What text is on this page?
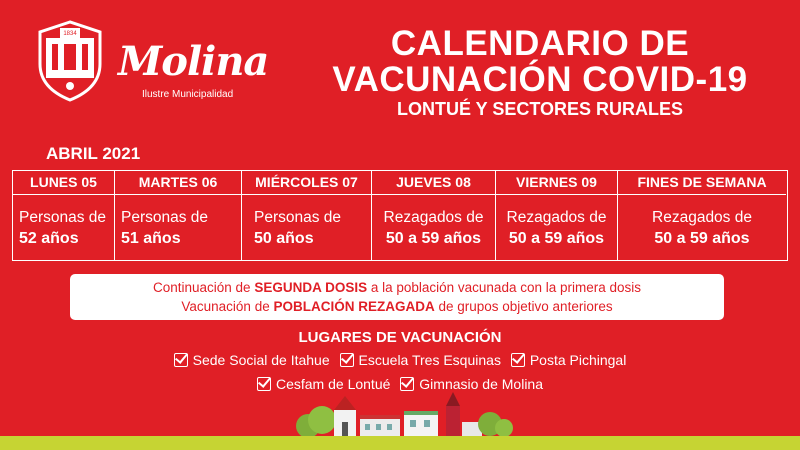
1834
Molina
Ilustre Municipalidad
CALENDARIO DE
VACUNACIÓN COVID-19
LONTUÉ Y SECTORES RURALES
ABRIL 2021
LUNES 05
Personas de
52 años
MARTES 06
Personas de
51 años
MIÉRCOLES 07
Personas de
50 años
JUEVES 08
Rezagados de
50 a 59 años
VIERNES 09
Rezagados de
50 a 59 años
FINES DE SEMANA
Rezagados de
50 a 59 años
Continuación de SEGUNDA DOSIS a la población vacunada con la primera dosis
Vacunación de POBLACIÓN REZAGADA de grupos objetivo anteriores
LUGARES DE VACUNACIÓN
Sede Social de Itahue Escuela Tres Esquinas Posta Pichingal
Cesfam de Lontué Gimnasio de Molina
